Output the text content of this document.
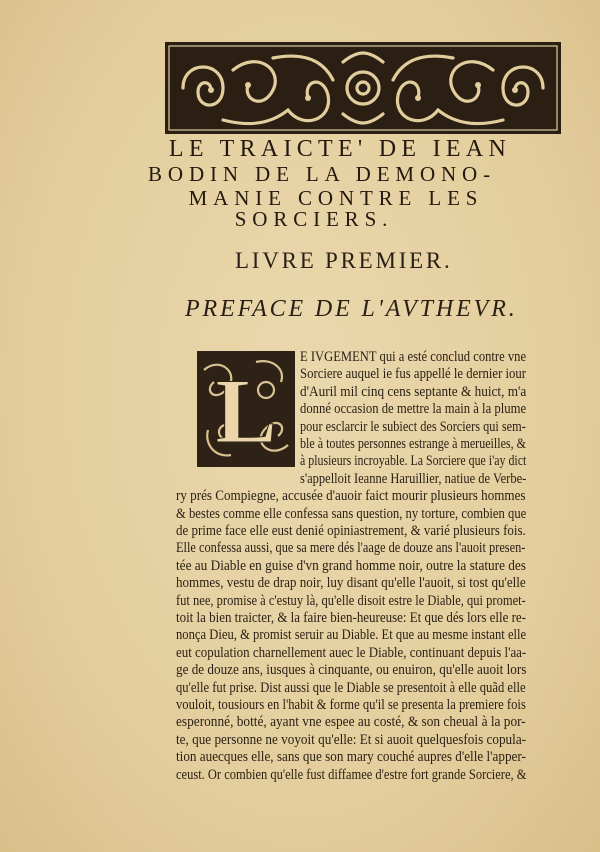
LE TRAICTE' DE IEAN
BODIN DE LA DEMONO-
MANIE CONTRE LES
SORCIERS.
LIVRE PREMIER.
PREFACE DE L'AVTHEVR.
L
E IVGEMENT qui a esté conclud contre vne
Sorciere auquel ie fus appellé le dernier iour
d'Auril mil cinq cens septante & huict, m'a
donné occasion de mettre la main à la plume
pour esclarcir le subiect des Sorciers qui sem-
ble à toutes personnes estrange à merueilles, &
à plusieurs incroyable. La Sorciere que i'ay dict
s'appelloit Ieanne Haruillier, natiue de Verbe-
ry prés Compiegne, accusée d'auoir faict mourir plusieurs hommes
& bestes comme elle confessa sans question, ny torture, combien que
de prime face elle eust denié opiniastrement, & varié plusieurs fois.
Elle confessa aussi, que sa mere dés l'aage de douze ans l'auoit presen-
tée au Diable en guise d'vn grand homme noir, outre la stature des
hommes, vestu de drap noir, luy disant qu'elle l'auoit, si tost qu'elle
fut nee, promise à c'estuy là, qu'elle disoit estre le Diable, qui promet-
toit la bien traicter, & la faire bien-heureuse: Et que dés lors elle re-
nonça Dieu, & promist seruir au Diable. Et que au mesme instant elle
eut copulation charnellement auec le Diable, continuant depuis l'aa-
ge de douze ans, iusques à cinquante, ou enuiron, qu'elle auoit lors
qu'elle fut prise. Dist aussi que le Diable se presentoit à elle quãd elle
vouloit, tousiours en l'habit & forme qu'il se presenta la premiere fois
esperonné, botté, ayant vne espee au costé, & son cheual à la por-
te, que personne ne voyoit qu'elle: Et si auoit quelquesfois copula-
tion auecques elle, sans que son mary couché aupres d'elle l'apper-
ceust. Or combien qu'elle fust diffamee d'estre fort grande Sorciere, &
